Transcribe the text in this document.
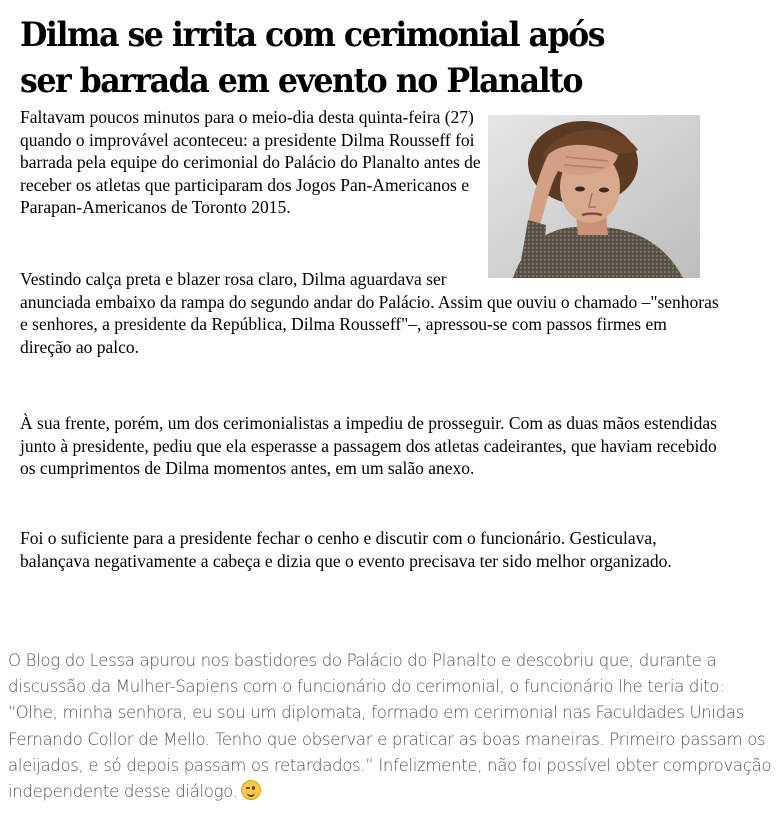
Dilma se irrita com cerimonial após
ser barrada em evento no Planalto

Faltavam poucos minutos para o meio-dia desta quinta-feira (27) quando o improvável aconteceu: a presidente Dilma Rousseff foi barrada pela equipe do cerimonial do Palácio do Planalto antes de receber os atletas que participaram dos Jogos Pan-Americanos e Parapan-Americanos de Toronto 2015.

Vestindo calça preta e blazer rosa claro, Dilma aguardava ser anunciada embaixo da rampa do segundo andar do Palácio. Assim que ouviu o chamado –"senhoras e senhores, a presidente da República, Dilma Rousseff"–, apressou-se com passos firmes em direção ao palco.

À sua frente, porém, um dos cerimonialistas a impediu de prosseguir. Com as duas mãos estendidas junto à presidente, pediu que ela esperasse a passagem dos atletas cadeirantes, que haviam recebido os cumprimentos de Dilma momentos antes, em um salão anexo.

Foi o suficiente para a presidente fechar o cenho e discutir com o funcionário. Gesticulava, balançava negativamente a cabeça e dizia que o evento precisava ter sido melhor organizado.

O Blog do Lessa apurou nos bastidores do Palácio do Planalto e descobriu que, durante a discussão da Mulher-Sapiens com o funcionário do cerimonial, o funcionário lhe teria dito: “Olhe, minha senhora, eu sou um diplomata, formado em cerimonial nas Faculdades Unidas Fernando Collor de Mello. Tenho que observar e praticar as boas maneiras. Primeiro passam os aleijados, e só depois passam os retardados.” Infelizmente, não foi possível obter comprovação independente desse diálogo.
